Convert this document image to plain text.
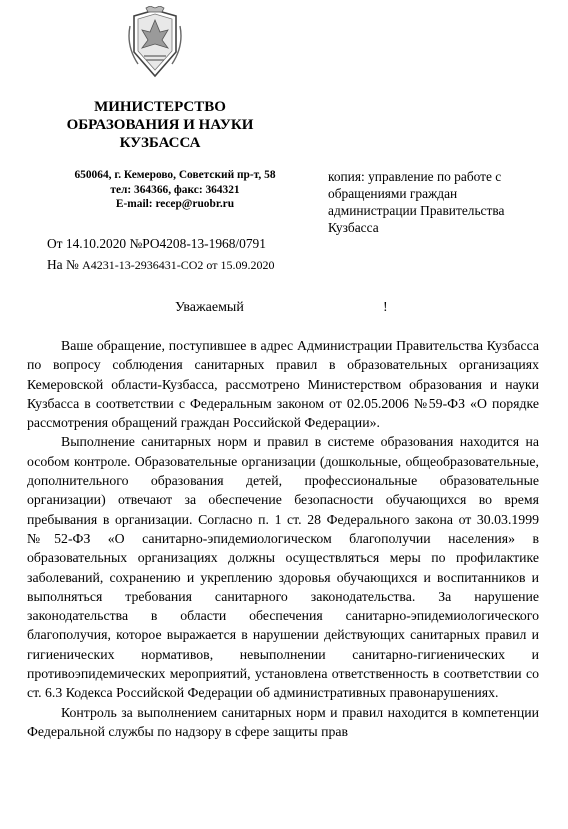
МИНИСТЕРСТВО
ОБРАЗОВАНИЯ И НАУКИ
КУЗБАССА
650064, г. Кемерово, Советский пр-т, 58
тел: 364366, факс: 364321
E-mail: recep@ruobr.ru
копия: управление по работе с
обращениями граждан
администрации Правительства
Кузбасса
От 14.10.2020 №РО4208-13-1968/0791
На № А4231-13-2936431-СО2 от 15.09.2020
Уважаемый	!

Ваше обращение, поступившее в адрес Администрации Правительства Кузбасса по вопросу соблюдения санитарных правил в образовательных организациях Кемеровской области-Кузбасса, рассмотрено Министерством образования и науки Кузбасса в соответствии с Федеральным законом от 02.05.2006 №59-ФЗ «О порядке рассмотрения обращений граждан Российской Федерации».

Выполнение санитарных норм и правил в системе образования находится на особом контроле. Образовательные организации (дошкольные, общеобразовательные, дополнительного образования детей, профессиональные образовательные организации) отвечают за обеспечение безопасности обучающихся во время пребывания в организации. Согласно п. 1 ст. 28 Федерального закона от 30.03.1999 №52-ФЗ «О санитарно-эпидемиологическом благополучии населения» в образовательных организациях должны осуществляться меры по профилактике заболеваний, сохранению и укреплению здоровья обучающихся и воспитанников и выполняться требования санитарного законодательства. За нарушение законодательства в области обеспечения санитарно-эпидемиологического благополучия, которое выражается в нарушении действующих санитарных правил и гигиенических нормативов, невыполнении санитарно-гигиенических и противоэпидемических мероприятий, установлена ответственность в соответствии со ст. 6.3 Кодекса Российской Федерации об административных правонарушениях.

Контроль за выполнением санитарных норм и правил находится в компетенции Федеральной службы по надзору в сфере защиты прав
